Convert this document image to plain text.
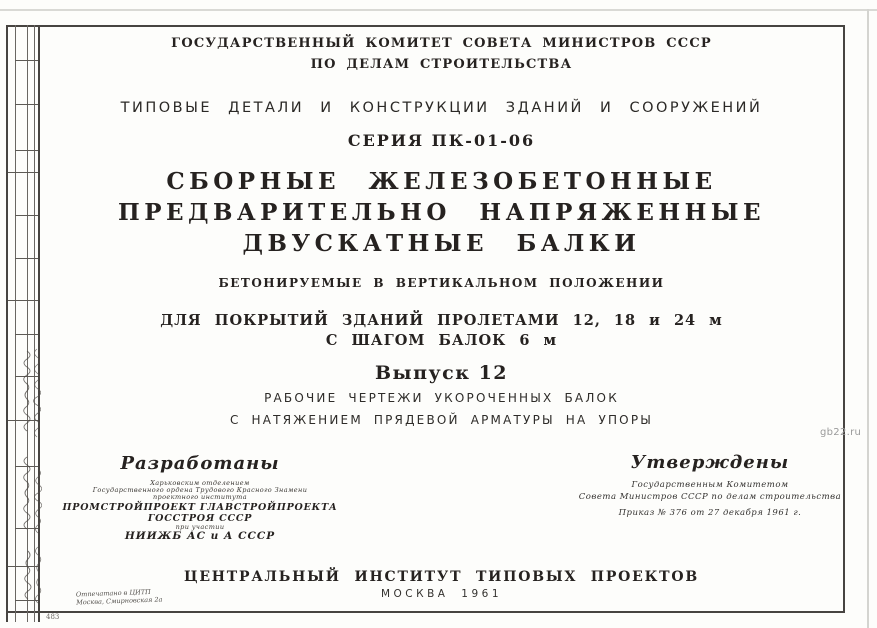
ГОСУДАРСТВЕННЫЙ КОМИТЕТ СОВЕТА МИНИСТРОВ СССР
ПО ДЕЛАМ СТРОИТЕЛЬСТВА
ТИПОВЫЕ ДЕТАЛИ И КОНСТРУКЦИИ ЗДАНИЙ И СООРУЖЕНИЙ
СЕРИЯ ПК-01-06
СБОРНЫЕ ЖЕЛЕЗОБЕТОННЫЕ
ПРЕДВАРИТЕЛЬНО НАПРЯЖЕННЫЕ
ДВУСКАТНЫЕ БАЛКИ
БЕТОНИРУЕМЫЕ В ВЕРТИКАЛЬНОМ ПОЛОЖЕНИИ
ДЛЯ ПОКРЫТИЙ ЗДАНИЙ ПРОЛЕТАМИ 12, 18 и 24 м
С ШАГОМ БАЛОК 6 м
Выпуск 12
РАБОЧИЕ ЧЕРТЕЖИ УКОРОЧЕННЫХ БАЛОК
С НАТЯЖЕНИЕМ ПРЯДЕВОЙ АРМАТУРЫ НА УПОРЫ
Разработаны
Харьковским отделением
Государственного ордена Трудового Красного Знамени
проектного института
ПРОМСТРОЙПРОЕКТ ГЛАВСТРОЙПРОЕКТА
ГОССТРОЯ СССР
при участии
НИИЖБ АС и А СССР
Утверждены
Государственным Комитетом
Совета Министров СССР по делам строительства
Приказ № 376 от 27 декабря 1961 г.
ЦЕНТРАЛЬНЫЙ ИНСТИТУТ ТИПОВЫХ ПРОЕКТОВ
МОСКВА 1961
Отпечатано в ЦИТП
Москва, Смирновская 2а
483
gb22.ru
